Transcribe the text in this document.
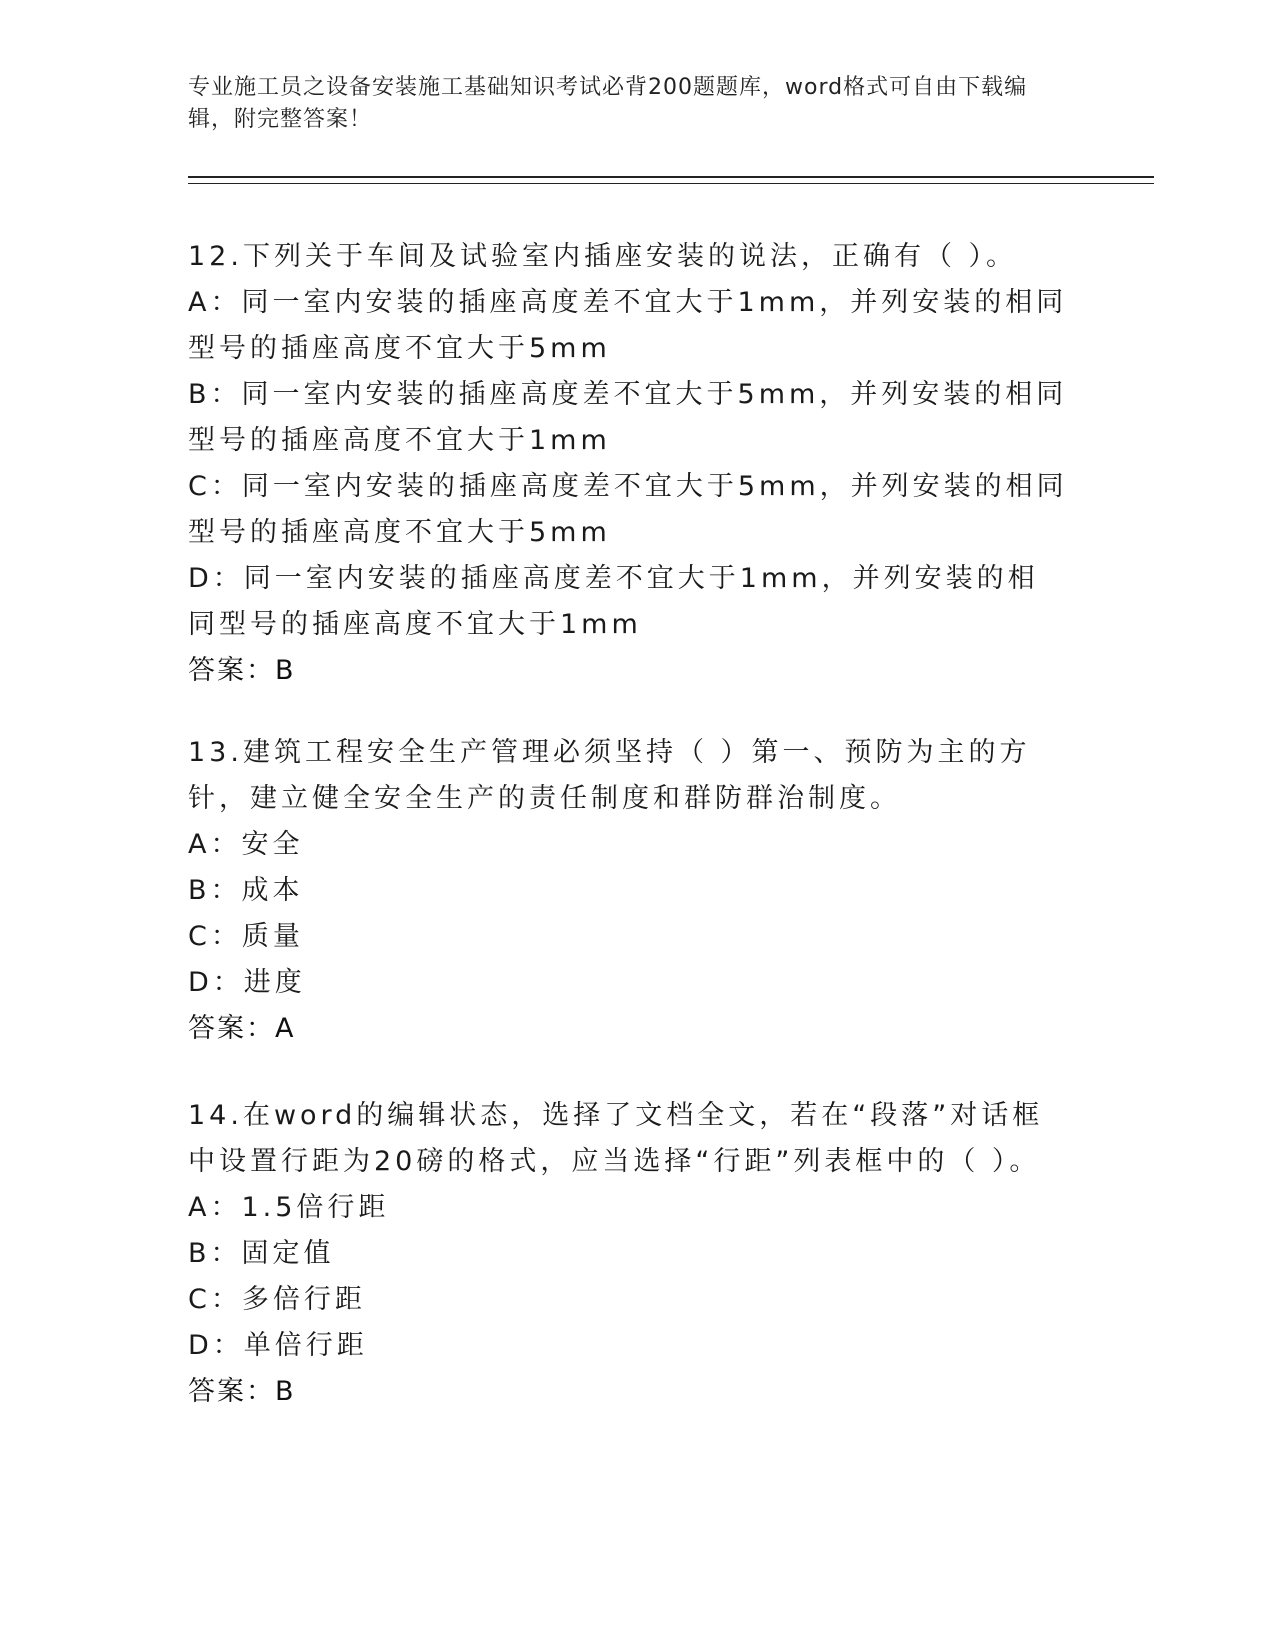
专业施工员之设备安装施工基础知识考试必背200题题库，word格式可自由下载编辑，附完整答案！

12.下列关于车间及试验室内插座安装的说法，正确有（ ）。

A：同一室内安装的插座高度差不宜大于1mm，并列安装的相同型号的插座高度不宜大于5mm

B：同一室内安装的插座高度差不宜大于5mm，并列安装的相同型号的插座高度不宜大于1mm

C：同一室内安装的插座高度差不宜大于5mm，并列安装的相同型号的插座高度不宜大于5mm

D：同一室内安装的插座高度差不宜大于1mm，并列安装的相同型号的插座高度不宜大于1mm

答案：B

13.建筑工程安全生产管理必须坚持（ ）第一、预防为主的方针，建立健全安全生产的责任制度和群防群治制度。

A：安全

B：成本

C：质量

D：进度

答案：A

14.在word的编辑状态，选择了文档全文，若在“段落”对话框中设置行距为20磅的格式，应当选择“行距”列表框中的（ ）。

A：1.5倍行距

B：固定值

C：多倍行距

D：单倍行距

答案：B
